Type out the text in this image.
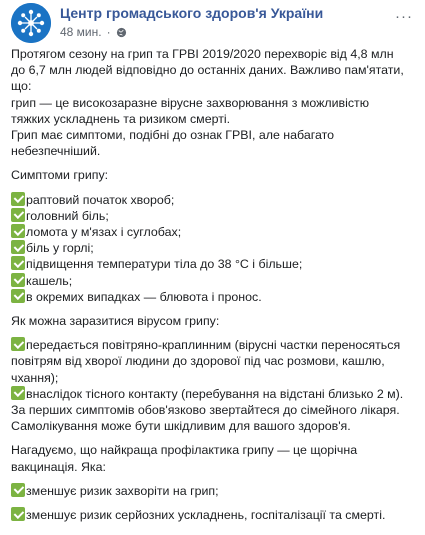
Центр громадського здоров'я України
48 мин. ·
···

Протягом сезону на грип та ГРВІ 2019/2020 перехворіє від 4,8 млн

до 6,7 млн людей відповідно до останніх даних. Важливо пам'ятати,

що:

грип — це високозаразне вірусне захворювання з можливістю

тяжких ускладнень та ризиком смерті.

Грип має симптоми, подібні до ознак ГРВІ, але набагато

небезпечніший.

Симптоми грипу:

раптовий початок хвороб;

головний біль;

ломота у м'язах і суглобах;

біль у горлі;

підвищення температури тіла до 38 °С і більше;

кашель;

в окремих випадках — блювота і пронос.

Як можна заразитися вірусом грипу:

передається повітряно-краплинним (вірусні частки переносяться

повітрям від хворої людини до здорової під час розмови, кашлю,

чхання);

внаслідок тісного контакту (перебування на відстані близько 2 м).

За перших симптомів обов'язково звертайтеся до сімейного лікаря.

Самолікування може бути шкідливим для вашого здоров'я.

Нагадуємо, що найкраща профілактика грипу — це щорічна

вакцинація. Яка:

зменшує ризик захворіти на грип;

зменшує ризик серйозних ускладнень, госпіталізації та смерті.
